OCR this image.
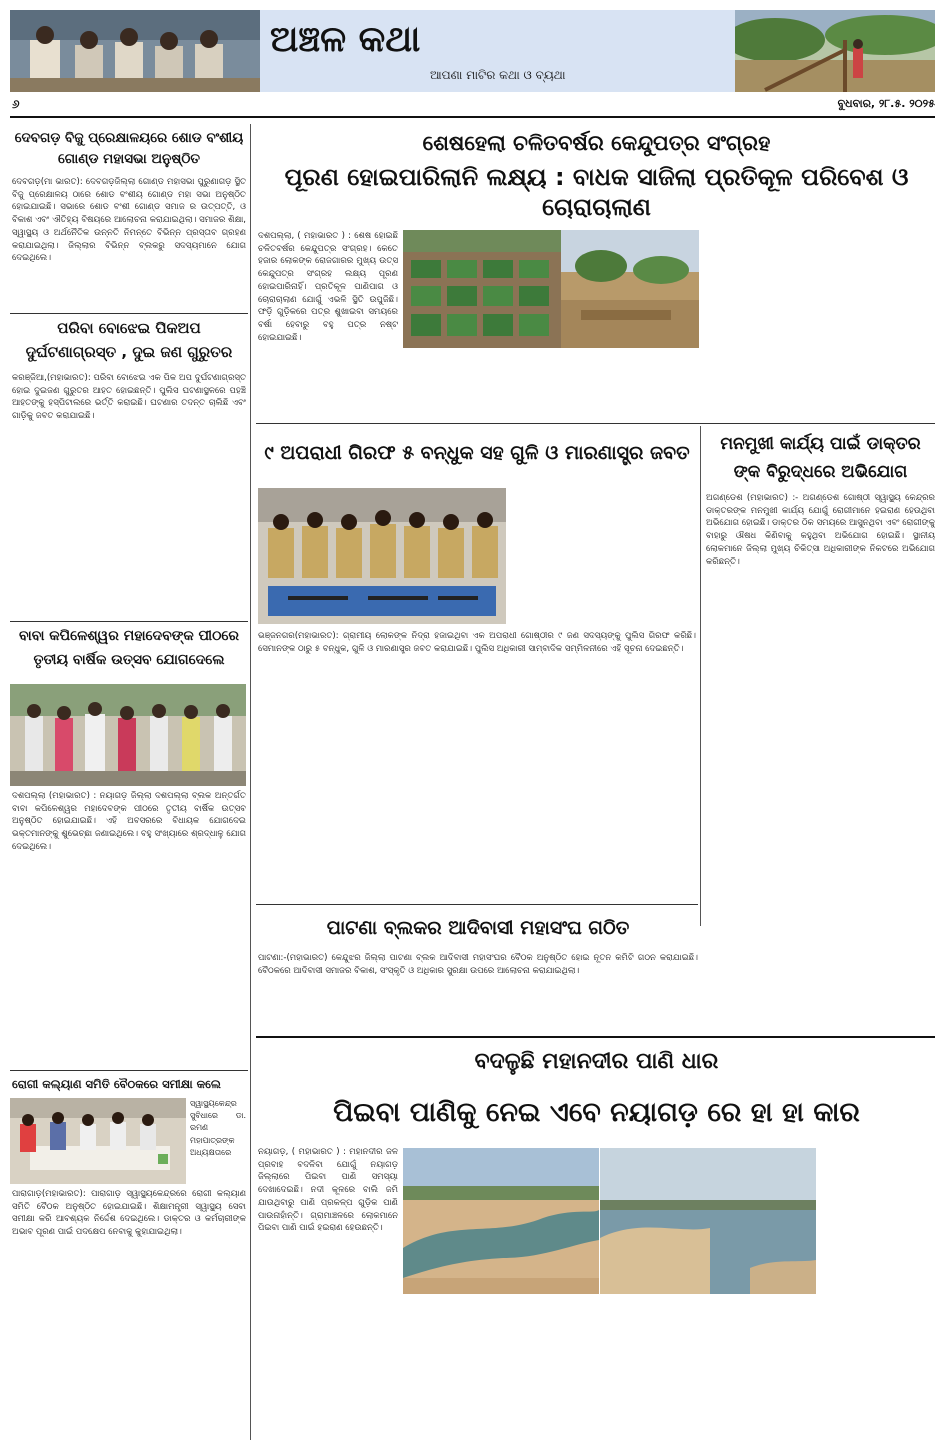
ଅଞ୍ଚଳ କଥା
ଆପଣା ମାଟିର କଥା ଓ ବ୍ୟଥା
୬	ବୁଧବାର, ୨୮.୫. ୨୦୨୫
ଦେବଗଡ଼ ବିଜୁ ପ୍ରେକ୍ଷାଳୟରେ ଶୋଡ ବଂଶୀୟ ଗୋଣ୍ଡ ମହାସଭା ଅନୁଷ୍ଠିତ
ଦେବଗଡ଼(ମା ଭାରତ): ଦେବଗଡ଼ଜିଲ୍ଲା ଗୋଣ୍ଡ ମହାସଭା ପୁରୁଣାଗଡ଼ ସ୍ଥିତ ବିଜୁ ପ୍ରେକ୍ଷାଳୟ ଠାରେ ଶୋଡ ବଂଶୀୟ ଗୋଣ୍ଡ ମହା ସଭା ଅନୁଷ୍ଠିତ ହୋଇଯାଇଛି। ସଭାରେ ଶୋଡ ବଂଶୀ ଗୋଣ୍ଡ ସମାଜ ର ଉତ୍ପତ୍ତି, ଓ ବିକାଶ ଏବଂ ଐତିହ୍ୟ ବିଷୟରେ ଆଲୋଚନା କରାଯାଇଥିଲା। ସମାଜର ଶିକ୍ଷା, ସ୍ୱାସ୍ଥ୍ୟ ଓ ଅର୍ଥନୈତିକ ଉନ୍ନତି ନିମନ୍ତେ ବିଭିନ୍ନ ପ୍ରସ୍ତାବ ଗ୍ରହଣ କରାଯାଇଥିଲା। ଜିଲ୍ଲାର ବିଭିନ୍ନ ବ୍ଲକରୁ ସଦସ୍ୟମାନେ ଯୋଗ ଦେଇଥିଲେ।
ପରିବା ବୋଝେଇ ପିକଅପ ଦୁର୍ଘଟଣାଗ୍ରସ୍ତ , ଦୁଇ ଜଣ ଗୁରୁତର
କରଞ୍ଜିଆ,(ମହାଭାରତ): ପରିବା ବୋଝେଇ ଏକ ପିକ ଅପ ଦୁର୍ଘଟଣାଗ୍ରସ୍ତ ହୋଇ ଦୁଇଜଣ ଗୁରୁତର ଆହତ ହୋଇଛନ୍ତି। ପୁଲିସ ଘଟଣାସ୍ଥଳରେ ପହଞ୍ଚି ଆହତଙ୍କୁ ହସ୍ପିଟାଲରେ ଭର୍ତ୍ତି କରାଇଛି। ଘଟଣାର ତଦନ୍ତ ଚାଲିଛି ଏବଂ ଗାଡ଼ିକୁ ଜବତ କରାଯାଇଛି।
ବାବା କପିଳେଶ୍ୱର ମହାଦେବଙ୍କ ପୀଠରେ ତୃତୀୟ ବାର୍ଷିକ ଉତ୍ସବ ଯୋଗଦେଲେ
ଦଶପଲ୍ଲା (ମହାଭାରତ) : ନୟାଗଡ଼ ଜିଲ୍ଲା ଦଶପଲ୍ଲା ବ୍ଲକ ଅନ୍ତର୍ଗତ ବାବା କପିଳେଶ୍ୱର ମହାଦେବଙ୍କ ପୀଠରେ ତୃତୀୟ ବାର୍ଷିକ ଉତ୍ସବ ଅନୁଷ୍ଠିତ ହୋଇଯାଇଛି। ଏହି ଅବସରରେ ବିଧାୟକ ଯୋଗଦେଇ ଭକ୍ତମାନଙ୍କୁ ଶୁଭେଚ୍ଛା ଜଣାଇଥିଲେ। ବହୁ ସଂଖ୍ୟାରେ ଶ୍ରଦ୍ଧାଳୁ ଯୋଗ ଦେଇଥିଲେ।
ରୋଗୀ କଲ୍ୟାଣ ସମିତି ବୈଠକରେ ସମୀକ୍ଷା କଲେ
ସ୍ୱାସ୍ଥ୍ୟକେନ୍ଦ୍ର ସୁବିଧାରେ ଡା. ରମଣ ମହାପାତ୍ରଙ୍କ ଅଧ୍ୟକ୍ଷତାରେ
ପାରାଗାଡ଼(ମହାଭାରତ): ପାରାଗାଡ଼ ସ୍ୱାସ୍ଥ୍ୟକେନ୍ଦ୍ରରେ ରୋଗୀ କଲ୍ୟାଣ ସମିତି ବୈଠକ ଅନୁଷ୍ଠିତ ହୋଇଯାଇଛି। ଶିକ୍ଷାମନ୍ତ୍ରୀ ସ୍ୱାସ୍ଥ୍ୟ ସେବା ସମୀକ୍ଷା କରି ଆବଶ୍ୟକ ନିର୍ଦ୍ଦେଶ ଦେଇଥିଲେ। ଡାକ୍ତର ଓ କର୍ମଚାରୀଙ୍କ ଅଭାବ ପୂରଣ ପାଇଁ ପଦକ୍ଷେପ ନେବାକୁ କୁହାଯାଇଥିଲା।
ଶେଷହେଲା ଚଳିତବର୍ଷର କେନ୍ଦୁପତ୍ର ସଂଗ୍ରହ
ପୂରଣ ହୋଇପାରିଲାନି ଲକ୍ଷ୍ୟ : ବାଧକ ସାଜିଲା ପ୍ରତିକୂଳ ପରିବେଶ ଓ ଚୋରାଚାଲାଣ
ଦଶପଲ୍ଲା, ( ମହାଭାରତ ) : ଶେଷ ହୋଇଛି ଚଳିତବର୍ଷର କେନ୍ଦୁପତ୍ର ସଂଗ୍ରହ। କେତେ ହଜାର ଲୋକଙ୍କ ରୋଜଗାରର ମୁଖ୍ୟ ଉତ୍ସ କେନ୍ଦୁପତ୍ର ସଂଗ୍ରହ ଲକ୍ଷ୍ୟ ପୂରଣ ହୋଇପାରିନାହିଁ। ପ୍ରତିକୂଳ ପାଣିପାଗ ଓ ଚୋରାଚାଲାଣ ଯୋଗୁଁ ଏଭଳି ସ୍ଥିତି ଉପୁଜିଛି। ଫଡ଼ି ଗୁଡ଼ିକରେ ପତ୍ର ଶୁଖାଇବା ସମୟରେ ବର୍ଷା ହେବାରୁ ବହୁ ପତ୍ର ନଷ୍ଟ ହୋଇଯାଇଛି।
୯ ଅପରାଧୀ ଗିରଫ ୫ ବନ୍ଧୁକ ସହ ଗୁଳି ଓ ମାରଣାସ୍ତ୍ର ଜବତ
ଭଞ୍ଜନଗର(ମହାଭାରତ): ଗ୍ରାମୀୟ ଲୋକଙ୍କ ନିଦ୍ରା ହଜାଇଥିବା ଏକ ଅପରାଧୀ ଗୋଷ୍ଠୀର ୯ ଜଣ ସଦସ୍ୟଙ୍କୁ ପୁଲିସ ଗିରଫ କରିଛି। ସେମାନଙ୍କ ଠାରୁ ୫ ବନ୍ଧୁକ, ଗୁଳି ଓ ମାରଣାସ୍ତ୍ର ଜବତ କରାଯାଇଛି। ପୁଲିସ ଅଧିକାରୀ ସାମ୍ବାଦିକ ସମ୍ମିଳନୀରେ ଏହି ସୂଚନା ଦେଇଛନ୍ତି।
ମନମୁଖୀ କାର୍ଯ୍ୟ ପାଇଁ ଡାକ୍ତର ଙ୍କ ବିରୁଦ୍ଧରେ ଅଭିଯୋଗ
ଅଗଣ୍ଡେଶ (ମହାଭାରତ) :- ଅଗଣ୍ଡେଶ ଗୋଷ୍ଠୀ ସ୍ୱାସ୍ଥ୍ୟ କେନ୍ଦ୍ରର ଡାକ୍ତରଙ୍କ ମନମୁଖୀ କାର୍ଯ୍ୟ ଯୋଗୁଁ ରୋଗୀମାନେ ହଇରାଣ ହେଉଥିବା ଅଭିଯୋଗ ହୋଇଛି। ଡାକ୍ତର ଠିକ ସମୟରେ ଆସୁନଥିବା ଏବଂ ରୋଗୀଙ୍କୁ ବାହାରୁ ଔଷଧ କିଣିବାକୁ କହୁଥିବା ଅଭିଯୋଗ ହୋଇଛି। ସ୍ଥାନୀୟ ଲୋକମାନେ ଜିଲ୍ଲା ମୁଖ୍ୟ ଚିକିତ୍ସା ଅଧିକାରୀଙ୍କ ନିକଟରେ ଅଭିଯୋଗ କରିଛନ୍ତି।
ପାଟଣା ବ୍ଲକର ଆଦିବାସୀ ମହାସଂଘ ଗଠିତ
ପାଟଣା:-(ମହାଭାରତ) କେନ୍ଦୁଝର ଜିଲ୍ଲା ପାଟଣା ବ୍ଲକ ଆଦିବାସୀ ମହାସଂଘର ବୈଠକ ଅନୁଷ୍ଠିତ ହୋଇ ନୂତନ କମିଟି ଗଠନ କରାଯାଇଛି। ବୈଠକରେ ଆଦିବାସୀ ସମାଜର ବିକାଶ, ସଂସ୍କୃତି ଓ ଅଧିକାର ସୁରକ୍ଷା ଉପରେ ଆଲୋଚନା କରାଯାଇଥିଲା।
ବଦଳୁଛି ମହାନଦୀର ପାଣି ଧାର
ପିଇବା ପାଣିକୁ ନେଇ ଏବେ ନୟାଗଡ଼ ରେ ହା ହା କାର
ନୟାଗଡ଼, ( ମହାଭାରତ ) : ମହାନଦୀର ଜଳ ପ୍ରବାହ ବଦଳିବା ଯୋଗୁଁ ନୟାଗଡ଼ ଜିଲ୍ଲାରେ ପିଇବା ପାଣି ସମସ୍ୟା ଦେଖାଦେଇଛି। ନଦୀ କୂଳରେ ବାଲି ଜମି ଯାଉଥିବାରୁ ପାଣି ପ୍ରକଳ୍ପ ଗୁଡ଼ିକ ପାଣି ପାଉନାହାଁନ୍ତି। ଗ୍ରାମାଞ୍ଚଳରେ ଲୋକମାନେ ପିଇବା ପାଣି ପାଇଁ ହଇରାଣ ହେଉଛନ୍ତି।
